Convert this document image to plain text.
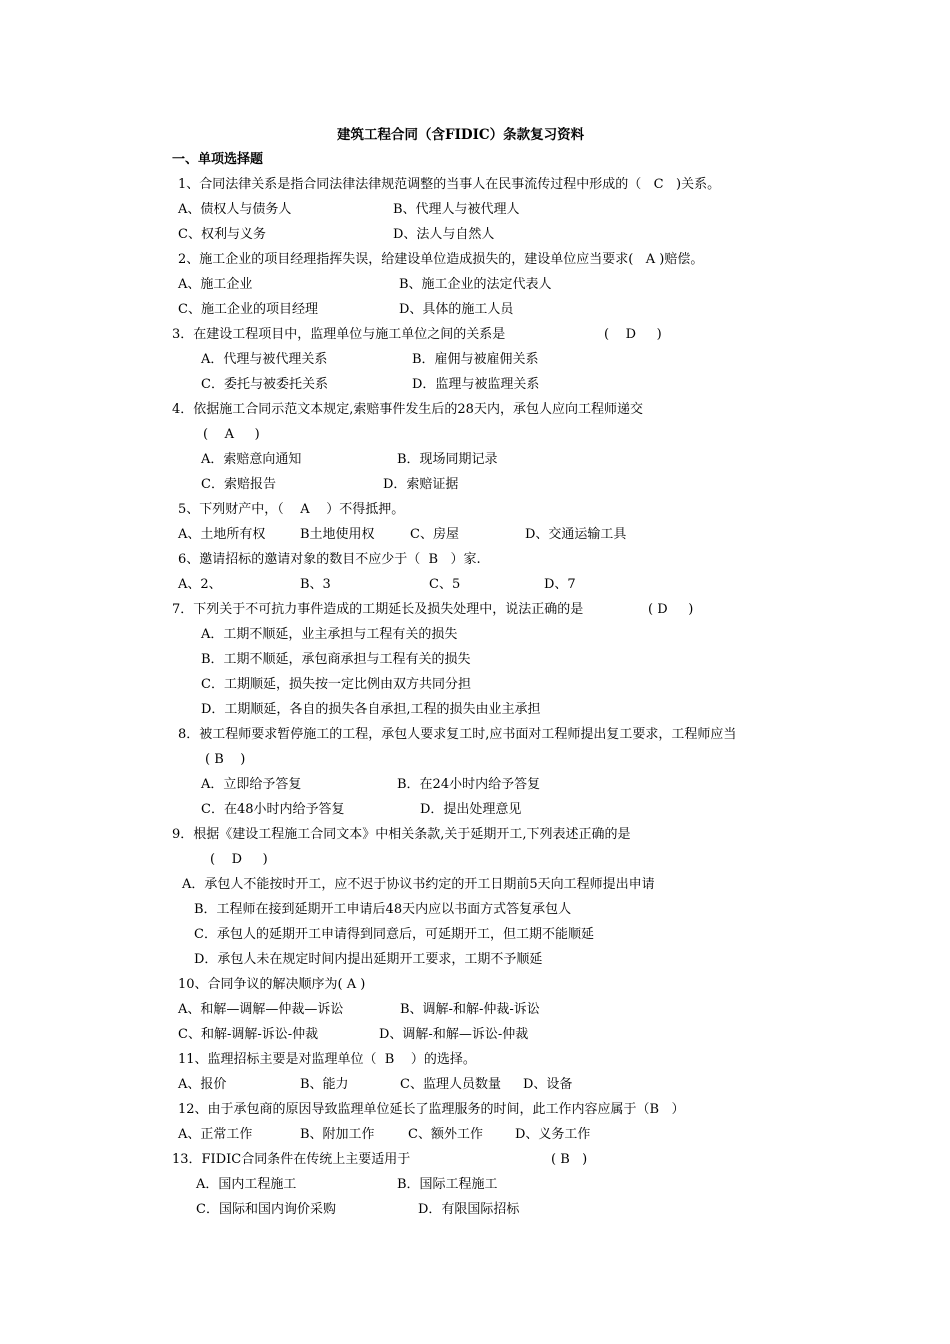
建筑工程合同（含FIDIC）条款复习资料
一、单项选择题
1、合同法律关系是指合同法律法律规范调整的当事人在民事流传过程中形成的（   C   )关系。
A、债权人与债务人	B、代理人与被代理人
C、权利与义务	D、法人与自然人
2、施工企业的项目经理指挥失误，给建设单位造成损失的，建设单位应当要求(   A )赔偿。
A、施工企业	B、施工企业的法定代表人
C、施工企业的项目经理	D、具体的施工人员
3．在建设工程项目中，监理单位与施工单位之间的关系是	(    D     )
A．代理与被代理关系	B．雇佣与被雇佣关系
C．委托与被委托关系	D．监理与被监理关系
4．依据施工合同示范文本规定,索赔事件发生后的28天内，承包人应向工程师递交
(    A     )
A．索赔意向通知	B．现场同期记录
C．索赔报告	D．索赔证据
5、下列财产中，（    A    ）不得抵押。
A、土地所有权	B土地使用权	C、房屋	D、交通运输工具
6、邀请招标的邀请对象的数目不应少于（  B   ）家.
A、2、	B、3	C、5	D、7
7．下列关于不可抗力事件造成的工期延长及损失处理中，说法正确的是	( D     )
A．工期不顺延，业主承担与工程有关的损失
B．工期不顺延，承包商承担与工程有关的损失
C．工期顺延，损失按一定比例由双方共同分担
D．工期顺延，各自的损失各自承担,工程的损失由业主承担
8．被工程师要求暂停施工的工程，承包人要求复工时,应书面对工程师提出复工要求，工程师应当
( B    )
A．立即给予答复	B．在24小时内给予答复
C．在48小时内给予答复	D．提出处理意见
9．根据《建设工程施工合同文本》中相关条款,关于延期开工,下列表述正确的是
(    D     )
A．承包人不能按时开工，应不迟于协议书约定的开工日期前5天向工程师提出申请
B．工程师在接到延期开工申请后48天内应以书面方式答复承包人
C．承包人的延期开工申请得到同意后，可延期开工，但工期不能顺延
D．承包人未在规定时间内提出延期开工要求，工期不予顺延
10、合同争议的解决顺序为( A )
A、和解—调解—仲裁—诉讼	B、调解-和解-仲裁-诉讼
C、和解-调解-诉讼-仲裁	D、调解-和解—诉讼-仲裁
11、监理招标主要是对监理单位（  B    ）的选择。
A、报价	B、能力	C、监理人员数量 D、设备
12、由于承包商的原因导致监理单位延长了监理服务的时间，此工作内容应属于（B   ）
A、正常工作	B、附加工作	C、额外工作 D、义务工作
13．FIDIC合同条件在传统上主要适用于	( B   )
A．国内工程施工	B．国际工程施工
C．国际和国内询价采购	D．有限国际招标
